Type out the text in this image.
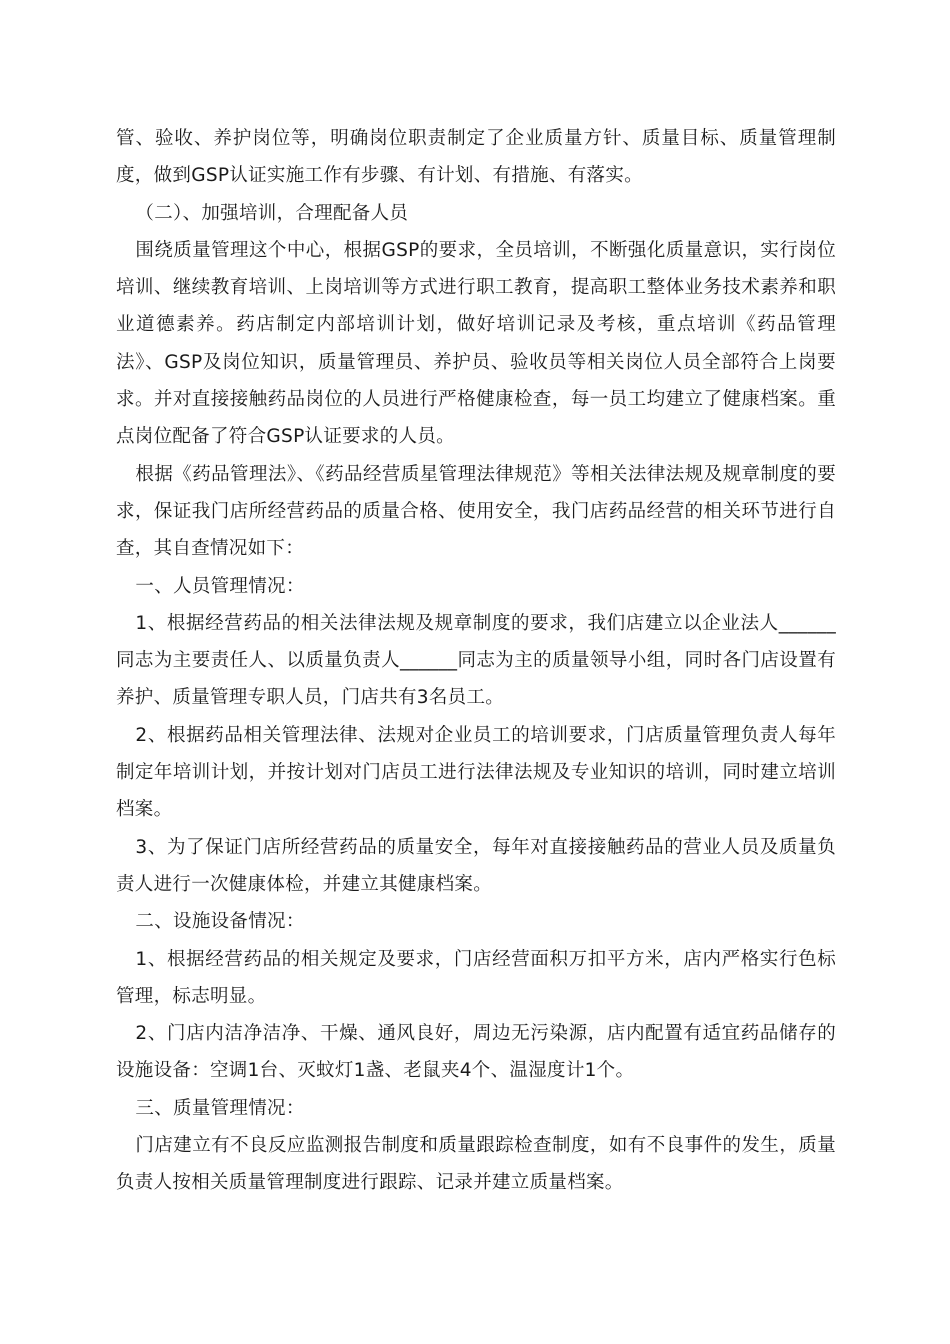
管、验收、养护岗位等，明确岗位职责制定了企业质量方针、质量目标、质量管理制度，做到GSP认证实施工作有步骤、有计划、有措施、有落实。

（二）、加强培训，合理配备人员

围绕质量管理这个中心，根据GSP的要求，全员培训，不断强化质量意识，实行岗位培训、继续教育培训、上岗培训等方式进行职工教育，提高职工整体业务技术素养和职业道德素养。药店制定内部培训计划，做好培训记录及考核，重点培训《药品管理法》、GSP及岗位知识，质量管理员、养护员、验收员等相关岗位人员全部符合上岗要求。并对直接接触药品岗位的人员进行严格健康检查，每一员工均建立了健康档案。重点岗位配备了符合GSP认证要求的人员。

根据《药品管理法》、《药品经营质星管理法律规范》等相关法律法规及规章制度的要求，保证我门店所经营药品的质量合格、使用安全，我门店药品经营的相关环节进行自查，其自查情况如下：

一、人员管理情况：

1、根据经营药品的相关法律法规及规章制度的要求，我们店建立以企业法人______同志为主要责任人、以质量负责人______同志为主的质量领导小组，同时各门店设置有养护、质量管理专职人员，门店共有3名员工。

2、根据药品相关管理法律、法规对企业员工的培训要求，门店质量管理负责人每年制定年培训计划，并按计划对门店员工进行法律法规及专业知识的培训，同时建立培训档案。

3、为了保证门店所经营药品的质量安全，每年对直接接触药品的营业人员及质量负责人进行一次健康体检，并建立其健康档案。

二、设施设备情况：

1、根据经营药品的相关规定及要求，门店经营面积万扣平方米，店内严格实行色标管理，标志明显。

2、门店内洁净洁净、干燥、通风良好，周边无污染源，店内配置有适宜药品储存的设施设备：空调1台、灭蚊灯1盏、老鼠夹4个、温湿度计1个。

三、质量管理情况：

门店建立有不良反应监测报告制度和质量跟踪检查制度，如有不良事件的发生，质量负责人按相关质量管理制度进行跟踪、记录并建立质量档案。
